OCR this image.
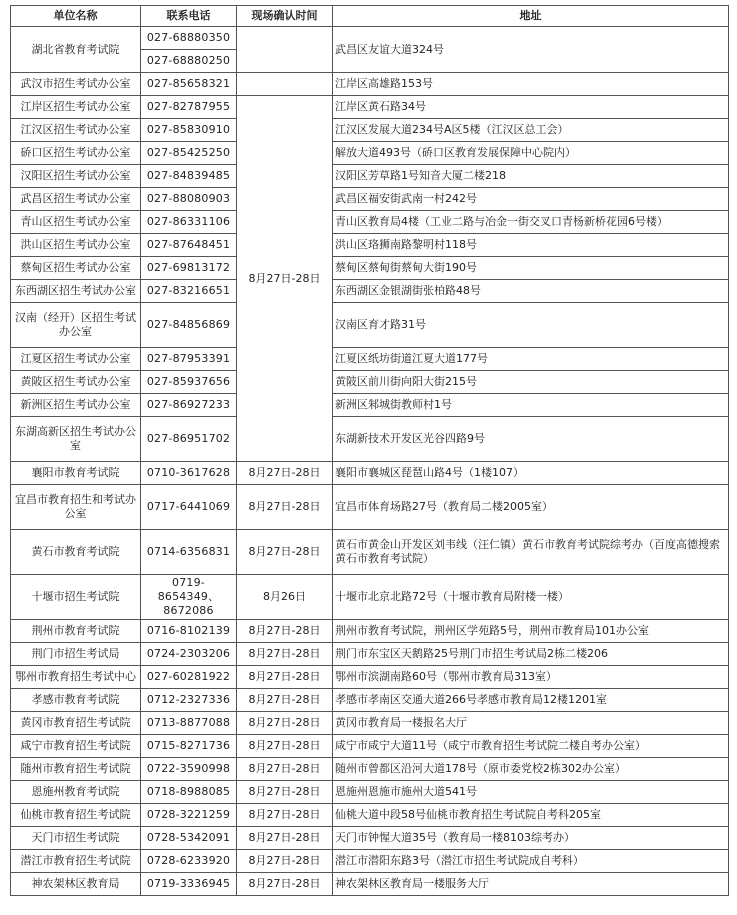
单位名称	联系电话	现场确认时间	地址
湖北省教育考试院	027-68880350		武昌区友谊大道324号
	027-68880250		
武汉市招生考试办公室	027-85658321		江岸区高雄路153号
江岸区招生考试办公室	027-82787955	8月27日-28日	江岸区黄石路34号
江汉区招生考试办公室	027-85830910		江汉区发展大道234号A区5楼（江汉区总工会）
硚口区招生考试办公室	027-85425250		解放大道493号（硚口区教育发展保障中心院内）
汉阳区招生考试办公室	027-84839485		汉阳区芳草路1号知音大厦二楼218
武昌区招生考试办公室	027-88080903		武昌区福安街武南一村242号
青山区招生考试办公室	027-86331106		青山区教育局4楼（工业二路与冶金一街交叉口青杨新桥花园6号楼）
洪山区招生考试办公室	027-87648451		洪山区珞狮南路黎明村118号
蔡甸区招生考试办公室	027-69813172		蔡甸区蔡甸街蔡甸大街190号
东西湖区招生考试办公室	027-83216651		东西湖区金银湖街张柏路48号
汉南（经开）区招生考试办公室	027-84856869		汉南区育才路31号
江夏区招生考试办公室	027-87953391		江夏区纸坊街道江夏大道177号
黄陂区招生考试办公室	027-85937656		黄陂区前川街向阳大街215号
新洲区招生考试办公室	027-86927233		新洲区邾城街教师村1号
东湖高新区招生考试办公室	027-86951702		东湖新技术开发区光谷四路9号
襄阳市教育考试院	0710-3617628	8月27日-28日	襄阳市襄城区琵琶山路4号（1楼107）
宜昌市教育招生和考试办公室	0717-6441069	8月27日-28日	宜昌市体育场路27号（教育局二楼2005室）
黄石市教育考试院	0714-6356831	8月27日-28日	黄石市黄金山开发区刘韦线（汪仁镇）黄石市教育考试院综考办（百度高德搜索黄石市教育考试院）
十堰市招生考试院	0719-8654349、8672086	8月26日	十堰市北京北路72号（十堰市教育局附楼一楼）
荆州市教育考试院	0716-8102139	8月27日-28日	荆州市教育考试院，荆州区学苑路5号，荆州市教育局101办公室
荆门市招生考试局	0724-2303206	8月27日-28日	荆门市东宝区天鹅路25号荆门市招生考试局2栋二楼206
鄂州市教育招生考试中心	027-60281922	8月27日-28日	鄂州市滨湖南路60号（鄂州市教育局313室）
孝感市教育考试院	0712-2327336	8月27日-28日	孝感市孝南区交通大道266号孝感市教育局12楼1201室
黄冈市教育招生考试院	0713-8877088	8月27日-28日	黄冈市教育局一楼报名大厅
咸宁市教育招生考试院	0715-8271736	8月27日-28日	咸宁市咸宁大道11号（咸宁市教育招生考试院二楼自考办公室）
随州市教育招生考试院	0722-3590998	8月27日-28日	随州市曾都区沿河大道178号（原市委党校2栋302办公室）
恩施州教育考试院	0718-8988085	8月27日-28日	恩施州恩施市施州大道541号
仙桃市教育招生考试院	0728-3221259	8月27日-28日	仙桃大道中段58号仙桃市教育招生考试院自考科205室
天门市招生考试院	0728-5342091	8月27日-28日	天门市钟惺大道35号（教育局一楼8103综考办）
潜江市教育招生考试院	0728-6233920	8月27日-28日	潜江市潜阳东路3号（潜江市招生考试院成自考科）
神农架林区教育局	0719-3336945	8月27日-28日	神农架林区教育局一楼服务大厅
